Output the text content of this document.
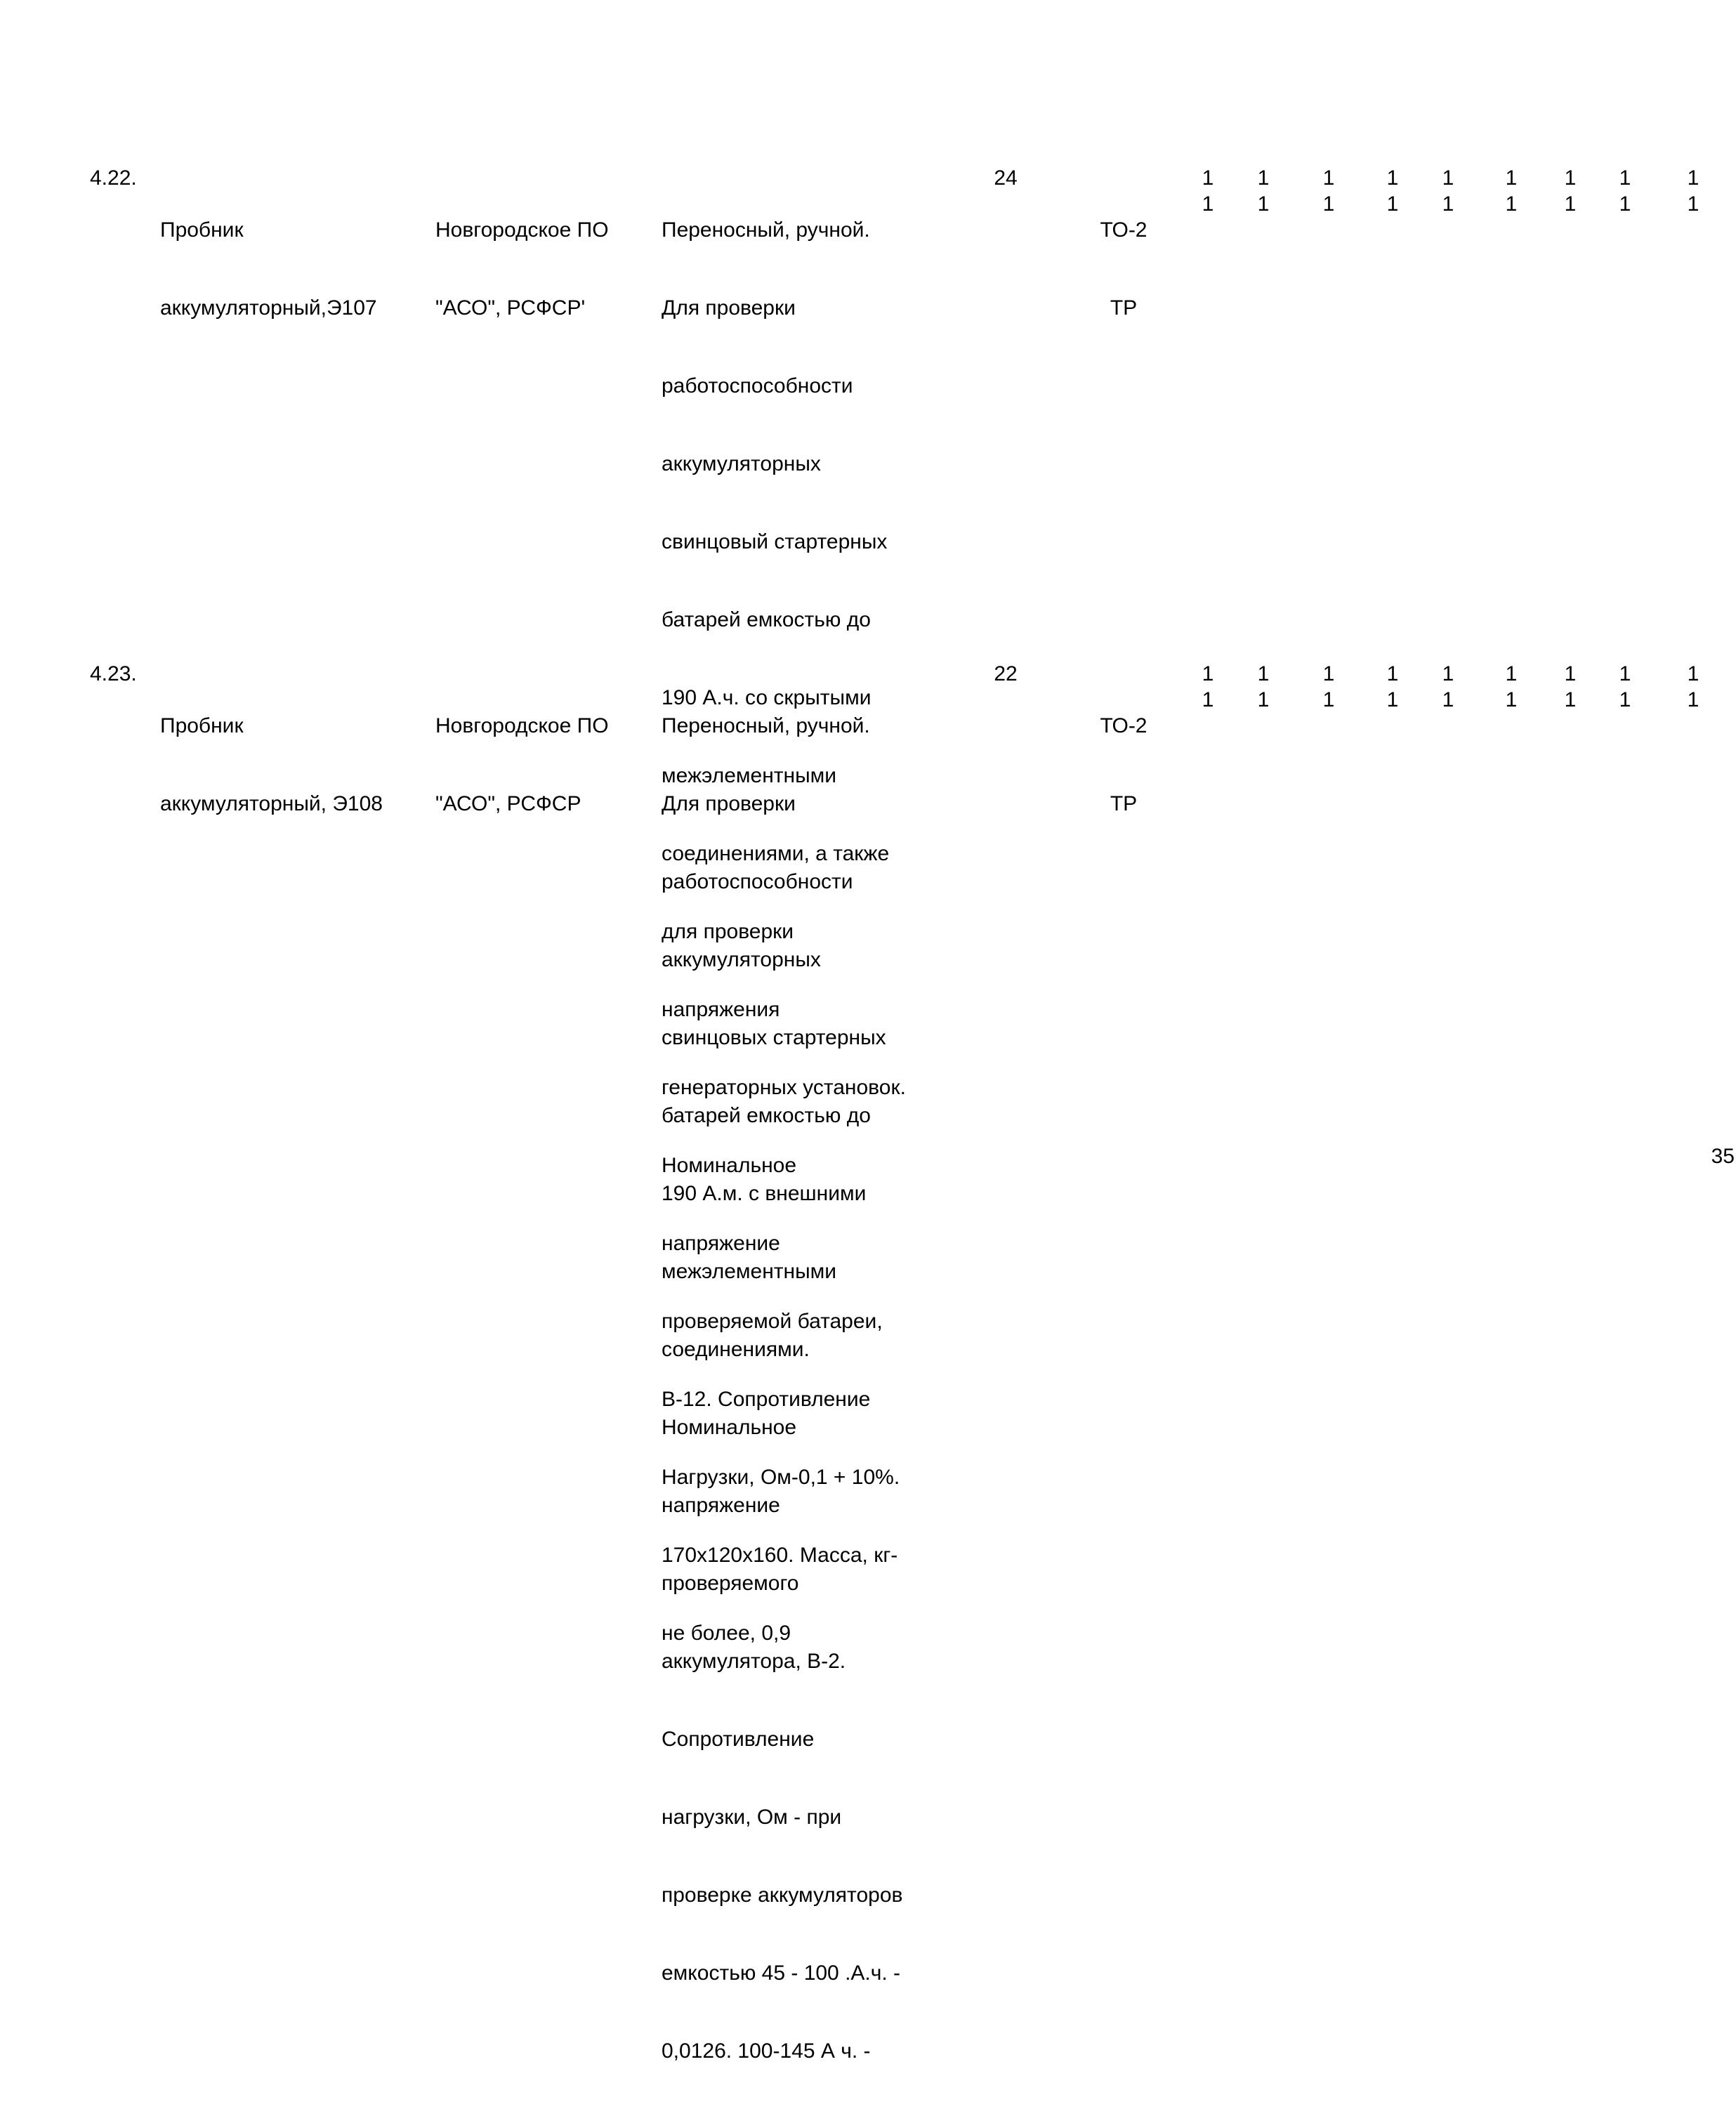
4.22.

Пробник

аккумуляторный,Э107

Новгородское ПО

"АСО", РСФСР'

Переносный, ручной.

Для проверки

работоспособности

аккумуляторных

свинцовый стартерных

батарей емкостью до

190 А.ч. со скрытыми

межэлементными

соединениями, а также

для проверки

напряжения

генераторных установок.

Номинальное

напряжение

проверяемой батареи,

В-12. Сопротивление

Нагрузки, Ом-0,1 + 10%.

170х120х160. Масса, кг-

не более, 0,9

24

ТО-2

ТР

1
1
1
1
1
1
1
1
1
1
1
1
1
1
1
1
1
1
4.23.

Пробник

аккумуляторный, Э108

Новгородское ПО

"АСО", РСФСР

Переносный, ручной.

Для проверки

работоспособности

аккумуляторных

свинцовых стартерных

батарей емкостью до

190 А.м. с внешними

межэлементными

соединениями.

Номинальное

напряжение

проверяемого

аккумулятора, В-2.

Сопротивление

нагрузки, Ом - при

проверке аккумуляторов

емкостью 45 - 100 .А.ч. -

0,0126. 100-145 А ч. -

22

ТО-2

ТР

1
1
1
1
1
1
1
1
1
1
1
1
1
1
1
1
1
1
35
